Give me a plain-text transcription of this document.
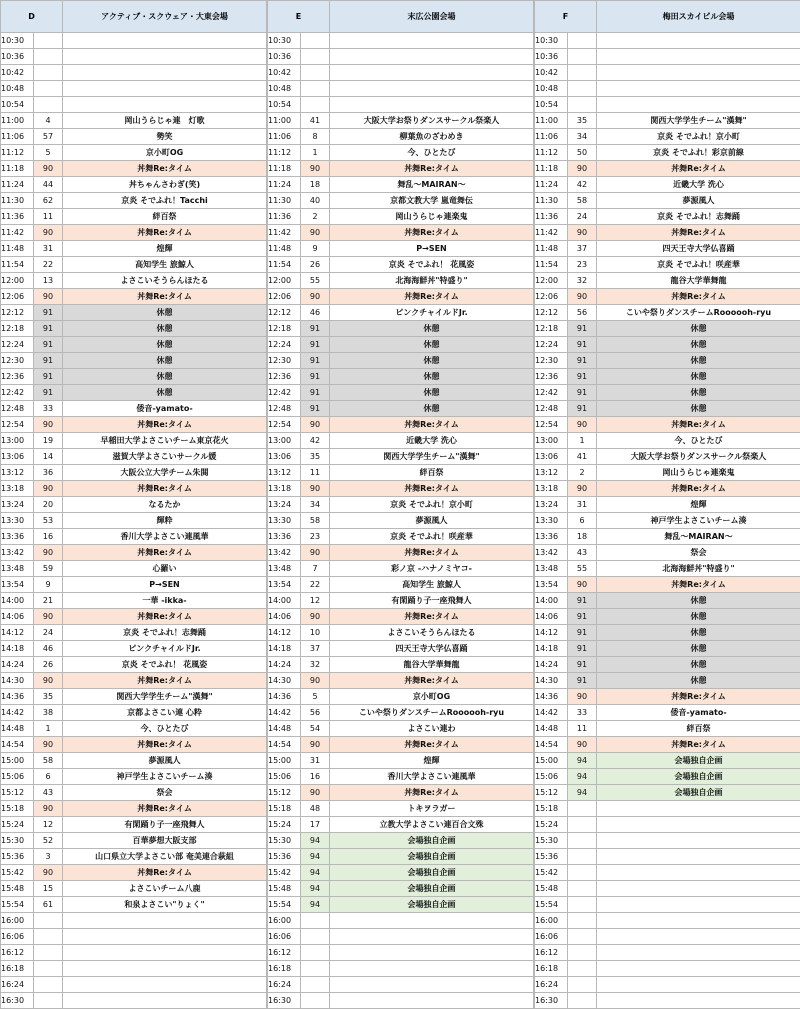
D		アクティブ・スクウェア・大東会場
10:30		
10:36		
10:42		
10:48		
10:54		
11:00	4	岡山うらじゃ連　灯歌
11:06	57	勢笑
11:12	5	京小町OG
11:18	90	丼舞Re:タイム
11:24	44	丼ちゃんさわぎ(笑)
11:30	62	京炎 そでふれ！Tacchi
11:36	11	絆百祭
11:42	90	丼舞Re:タイム
11:48	31	煌輝
11:54	22	高知学生 旅鯨人
12:00	13	よさこいそうらんほたる
12:06	90	丼舞Re:タイム
12:12	91	休憩
12:18	91	休憩
12:24	91	休憩
12:30	91	休憩
12:36	91	休憩
12:42	91	休憩
12:48	33	倭音-yamato-
12:54	90	丼舞Re:タイム
13:00	19	早稲田大学よさこいチーム東京花火
13:06	14	滋賀大学よさこいサークル媛
13:12	36	大阪公立大学チーム朱閧
13:18	90	丼舞Re:タイム
13:24	20	なるたか
13:30	53	輝粋
13:36	16	香川大学よさこい連風華
13:42	90	丼舞Re:タイム
13:48	59	心羅い
13:54	9	P→SEN
14:00	21	一華 -ikka-
14:06	90	丼舞Re:タイム
14:12	24	京炎 そでふれ！志舞踊
14:18	46	ピンクチャイルドJr.
14:24	26	京炎 そでふれ！ 花風姿
14:30	90	丼舞Re:タイム
14:36	35	関西大学学生チーム"漢舞"
14:42	38	京都よさこい連 心粋
14:48	1	今、ひとたび
14:54	90	丼舞Re:タイム
15:00	58	夢源風人
15:06	6	神戸学生よさこいチーム湊
15:12	43	祭会
15:18	90	丼舞Re:タイム
15:24	12	有閑踊り子一座飛舞人
15:30	52	百華夢想大阪支部
15:36	3	山口県立大学よさこい部 奄美連合萩組
15:42	90	丼舞Re:タイム
15:48	15	よさこいチーム八鹿
15:54	61	和泉よさこい"りょく"
16:00		
16:06		
16:12		
16:18		
16:24		
16:30		
E		末広公園会場
10:30		
10:36		
10:42		
10:48		
10:54		
11:00	41	大阪大学お祭りダンスサークル祭楽人
11:06	8	柳葉魚のざわめき
11:12	1	今、ひとたび
11:18	90	丼舞Re:タイム
11:24	18	舞乱～MAIRAN～
11:30	40	京都文教大学 嵐竜舞伝
11:36	2	岡山うらじゃ連楽鬼
11:42	90	丼舞Re:タイム
11:48	9	P→SEN
11:54	26	京炎 そでふれ！ 花風姿
12:00	55	北海海鮮丼"特盛り"
12:06	90	丼舞Re:タイム
12:12	46	ピンクチャイルドJr.
12:18	91	休憩
12:24	91	休憩
12:30	91	休憩
12:36	91	休憩
12:42	91	休憩
12:48	91	休憩
12:54	90	丼舞Re:タイム
13:00	42	近畿大学 洗心
13:06	35	関西大学学生チーム"漢舞"
13:12	11	絆百祭
13:18	90	丼舞Re:タイム
13:24	34	京炎 そでふれ！京小町
13:30	58	夢源風人
13:36	23	京炎 そでふれ！咲産華
13:42	90	丼舞Re:タイム
13:48	7	彩ノ京 -ハナノミヤコ-
13:54	22	高知学生 旅鯨人
14:00	12	有閑踊り子一座飛舞人
14:06	90	丼舞Re:タイム
14:12	10	よさこいそうらんほたる
14:18	37	四天王寺大学仏喜踊
14:24	32	龍谷大学華舞龍
14:30	90	丼舞Re:タイム
14:36	5	京小町OG
14:42	56	こいや祭りダンスチームRoooooh-ryu
14:48	54	よさこい連わ
14:54	90	丼舞Re:タイム
15:00	31	煌輝
15:06	16	香川大学よさこい連風華
15:12	90	丼舞Re:タイム
15:18	48	トキヲラガー
15:24	17	立教大学よさこい連百合文殊
15:30	94	会場独自企画
15:36	94	会場独自企画
15:42	94	会場独自企画
15:48	94	会場独自企画
15:54	94	会場独自企画
16:00		
16:06		
16:12		
16:18		
16:24		
16:30		
F		梅田スカイビル会場
10:30		
10:36		
10:42		
10:48		
10:54		
11:00	35	関西大学学生チーム"漢舞"
11:06	34	京炎 そでふれ！京小町
11:12	50	京炎 そでふれ！彩京前線
11:18	90	丼舞Re:タイム
11:24	42	近畿大学 洗心
11:30	58	夢源風人
11:36	24	京炎 そでふれ！志舞踊
11:42	90	丼舞Re:タイム
11:48	37	四天王寺大学仏喜踊
11:54	23	京炎 そでふれ！咲産華
12:00	32	龍谷大学華舞龍
12:06	90	丼舞Re:タイム
12:12	56	こいや祭りダンスチームRoooooh-ryu
12:18	91	休憩
12:24	91	休憩
12:30	91	休憩
12:36	91	休憩
12:42	91	休憩
12:48	91	休憩
12:54	90	丼舞Re:タイム
13:00	1	今、ひとたび
13:06	41	大阪大学お祭りダンスサークル祭楽人
13:12	2	岡山うらじゃ連楽鬼
13:18	90	丼舞Re:タイム
13:24	31	煌輝
13:30	6	神戸学生よさこいチーム湊
13:36	18	舞乱～MAIRAN～
13:42	43	祭会
13:48	55	北海海鮮丼"特盛り"
13:54	90	丼舞Re:タイム
14:00	91	休憩
14:06	91	休憩
14:12	91	休憩
14:18	91	休憩
14:24	91	休憩
14:30	91	休憩
14:36	90	丼舞Re:タイム
14:42	33	倭音-yamato-
14:48	11	絆百祭
14:54	90	丼舞Re:タイム
15:00	94	会場独自企画
15:06	94	会場独自企画
15:12	94	会場独自企画
15:18		
15:24		
15:30		
15:36		
15:42		
15:48		
15:54		
16:00		
16:06		
16:12		
16:18		
16:24		
16:30		
